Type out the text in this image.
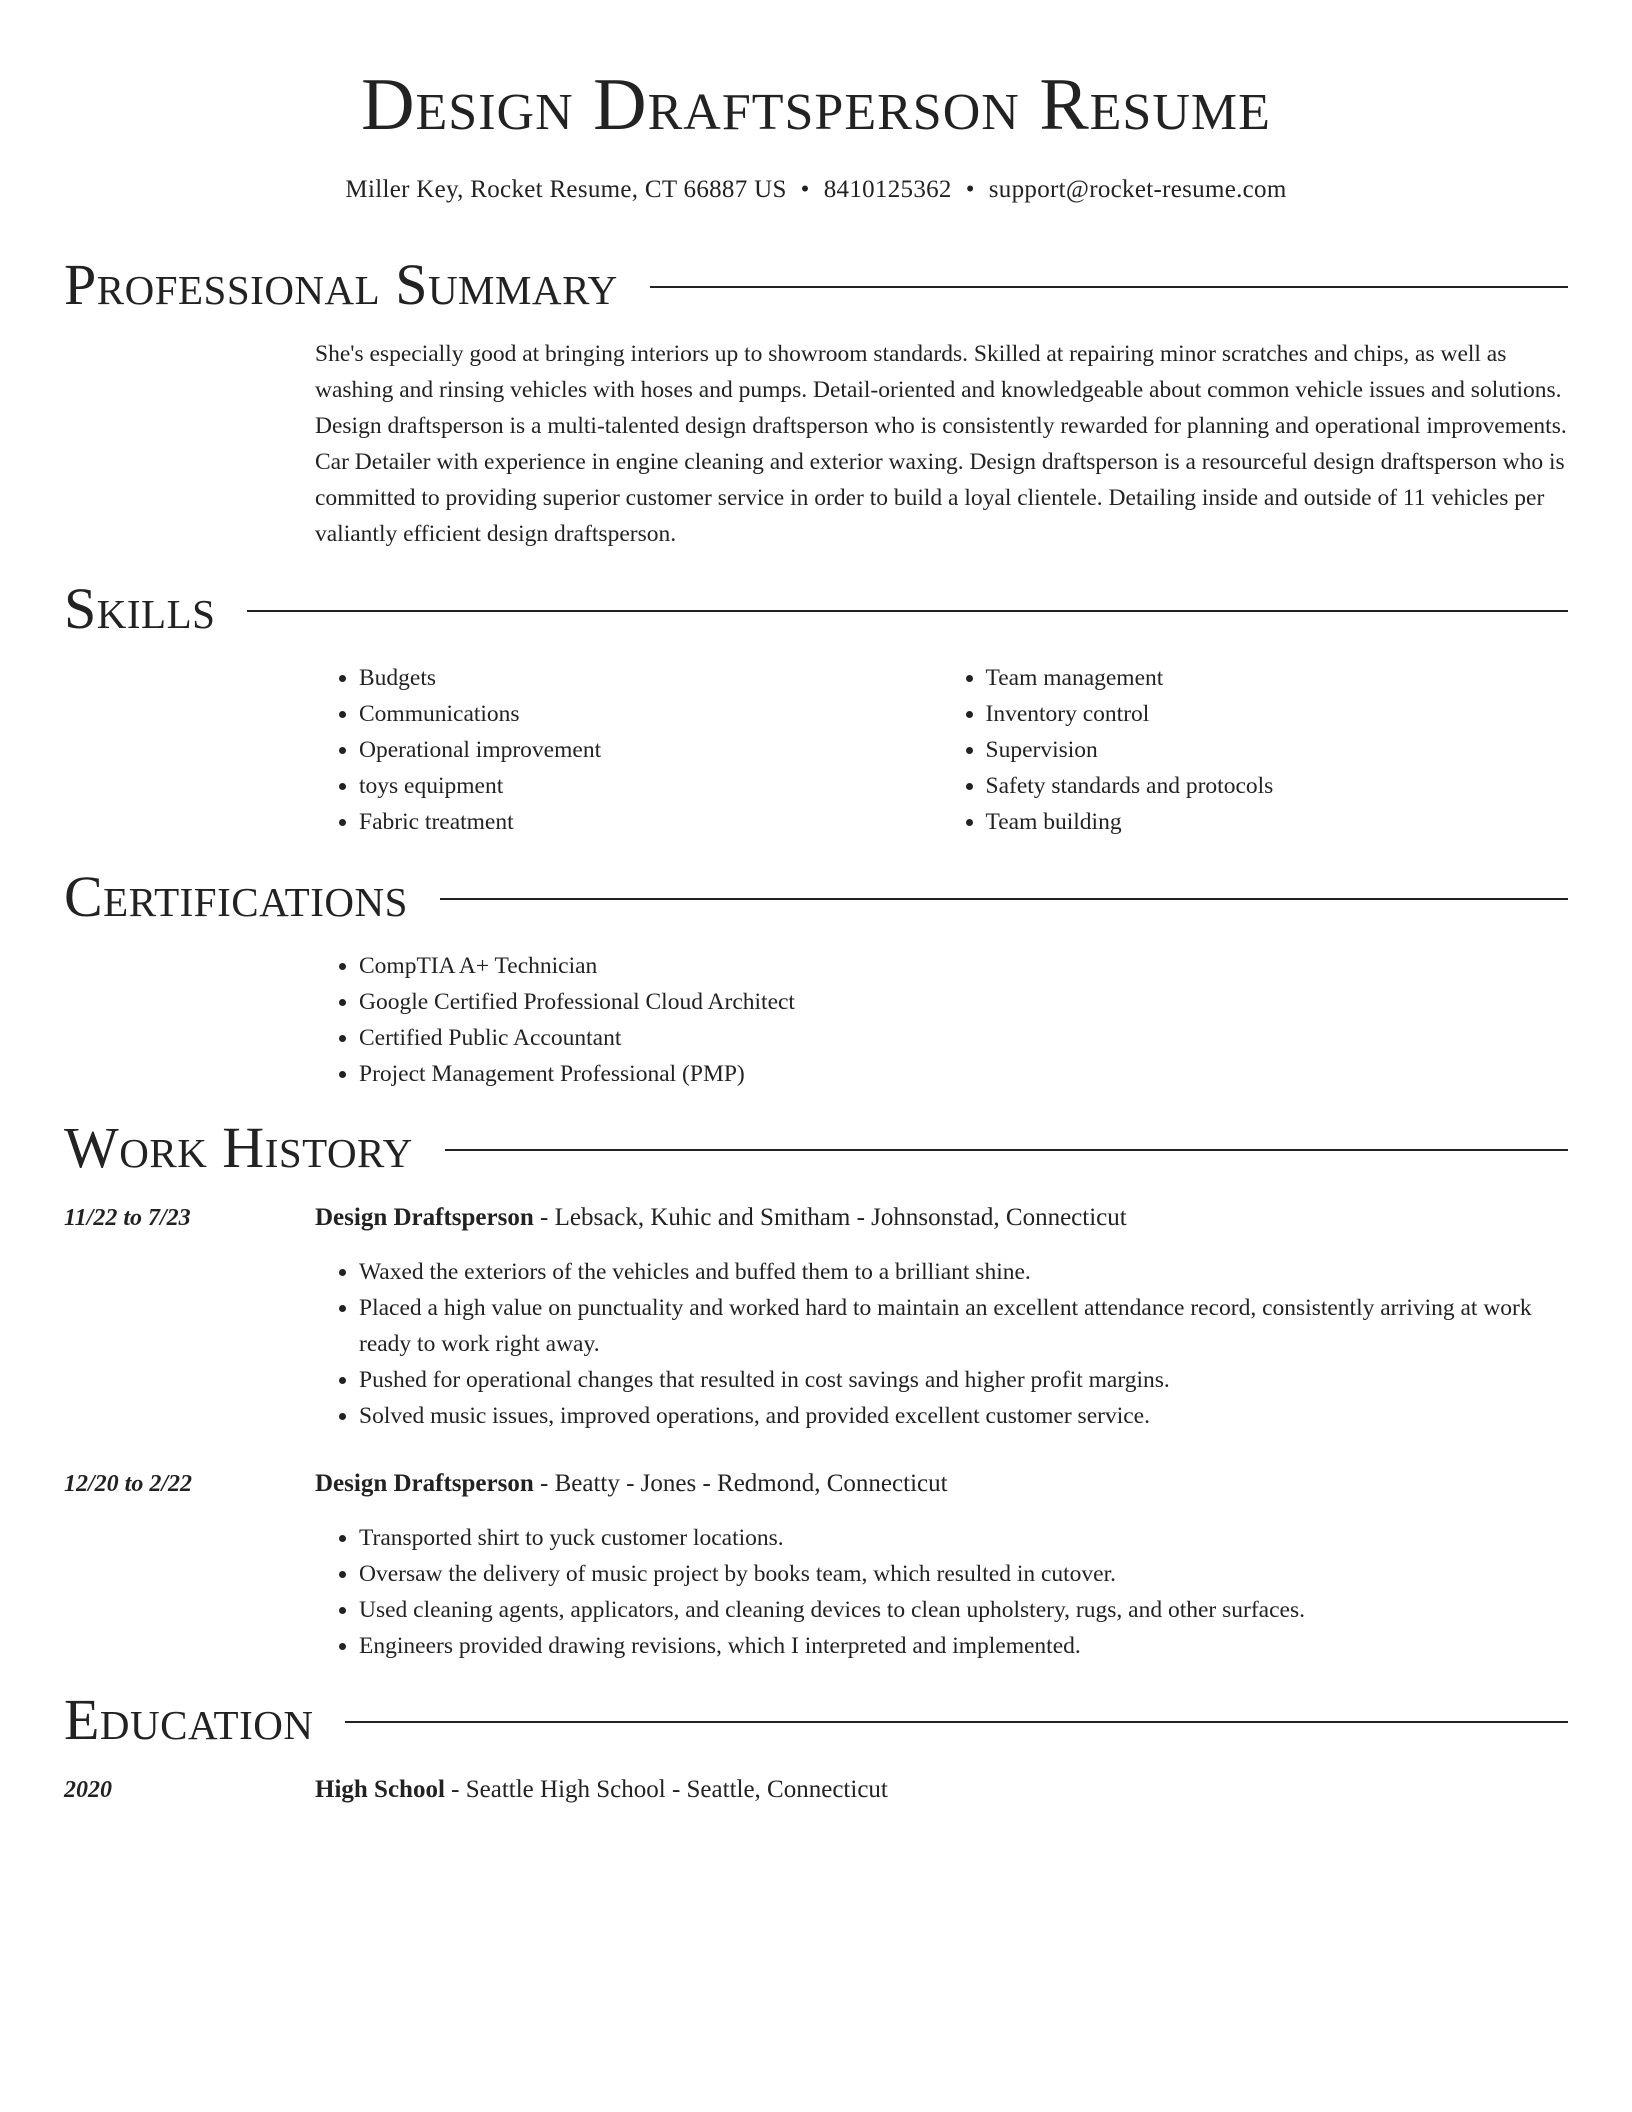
Design Draftsperson Resume
Miller Key, Rocket Resume, CT 66887 US • 8410125362 • support@rocket-resume.com
Professional Summary

She's especially good at bringing interiors up to showroom standards. Skilled at repairing minor scratches and chips, as well as washing and rinsing vehicles with hoses and pumps. Detail-oriented and knowledgeable about common vehicle issues and solutions. Design draftsperson is a multi-talented design draftsperson who is consistently rewarded for planning and operational improvements. Car Detailer with experience in engine cleaning and exterior waxing. Design draftsperson is a resourceful design draftsperson who is committed to providing superior customer service in order to build a loyal clientele. Detailing inside and outside of 11 vehicles per valiantly efficient design draftsperson.

Skills
• Budgets
• Communications
• Operational improvement
• toys equipment
• Fabric treatment
• Team management
• Inventory control
• Supervision
• Safety standards and protocols
• Team building
Certifications
• CompTIA A+ Technician
• Google Certified Professional Cloud Architect
• Certified Public Accountant
• Project Management Professional (PMP)
Work History
11/22 to 7/23	Design Draftsperson - Lebsack, Kuhic and Smitham - Johnsonstad, Connecticut
• Waxed the exteriors of the vehicles and buffed them to a brilliant shine.
• Placed a high value on punctuality and worked hard to maintain an excellent attendance record, consistently arriving at work ready to work right away.
• Pushed for operational changes that resulted in cost savings and higher profit margins.
• Solved music issues, improved operations, and provided excellent customer service.
12/20 to 2/22	Design Draftsperson - Beatty - Jones - Redmond, Connecticut
• Transported shirt to yuck customer locations.
• Oversaw the delivery of music project by books team, which resulted in cutover.
• Used cleaning agents, applicators, and cleaning devices to clean upholstery, rugs, and other surfaces.
• Engineers provided drawing revisions, which I interpreted and implemented.
Education
2020	High School - Seattle High School - Seattle, Connecticut
